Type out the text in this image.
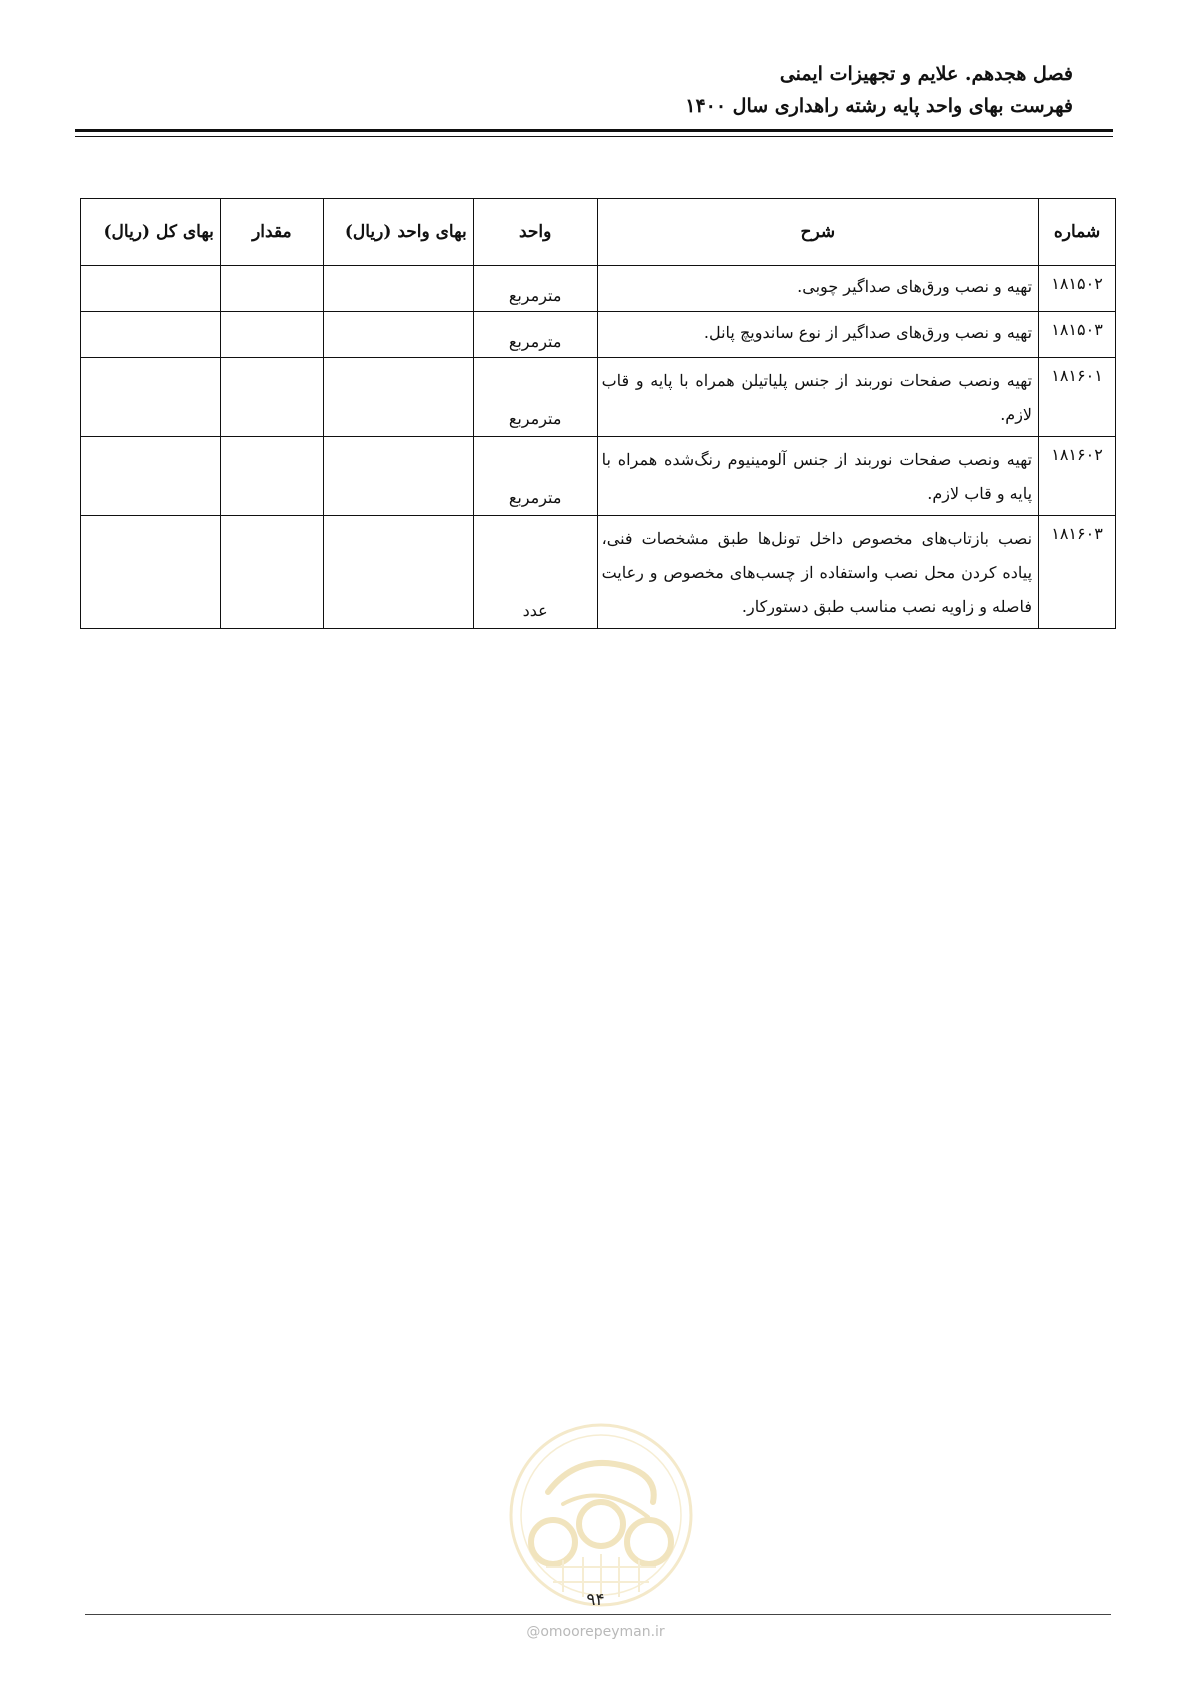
فصل هجدهم. علایم و تجهیزات ایمنی
فهرست بهای واحد پایه رشته راهداری سال ۱۴۰۰
شماره	شرح	واحد	بهای واحد (ریال)	مقدار	بهای کل (ریال)
۱۸۱۵۰۲	تهیه و نصب ورق‌های صداگیر چوبی.	مترمربع			
۱۸۱۵۰۳	تهیه و نصب ورق‌های صداگیر از نوع ساندویچ پانل.	مترمربع			
۱۸۱۶۰۱	تهیه ونصب صفحات نوربند از جنس پلیاتیلن همراه با پایه و قاب لازم.	مترمربع			
۱۸۱۶۰۲	تهیه ونصب صفحات نوربند از جنس آلومینیوم رنگ‌شده همراه با پایه و قاب لازم.	مترمربع			
۱۸۱۶۰۳	نصب بازتاب‌های مخصوص داخل تونل‌ها طبق مشخصات فنی، پیاده کردن محل نصب واستفاده از چسب‌های مخصوص و رعایت فاصله و زاویه نصب مناسب طبق دستورکار.	عدد			
۹۴
@omoorepeyman.ir
